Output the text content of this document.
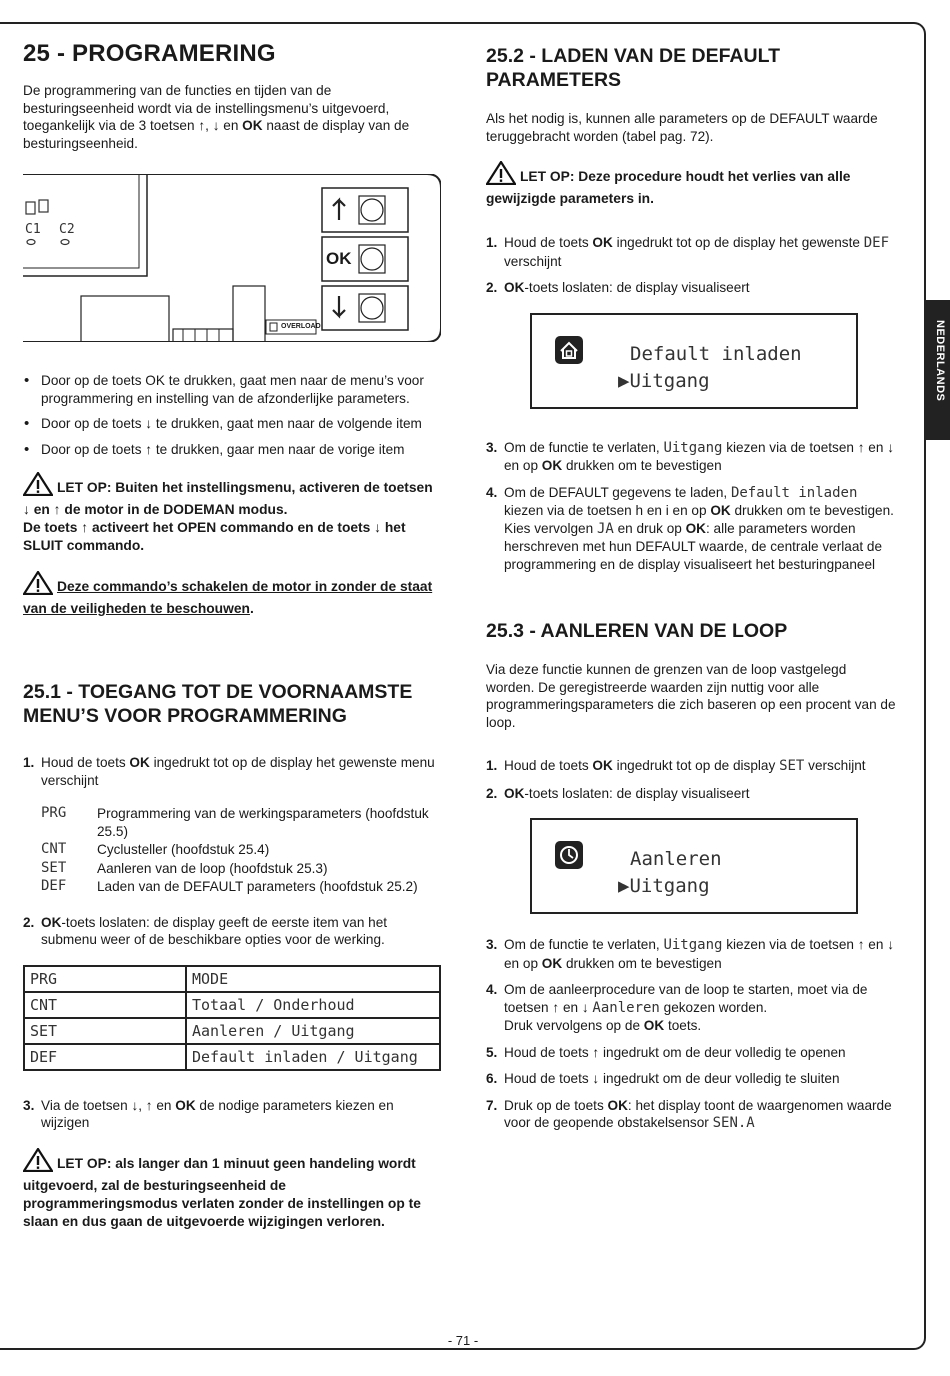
NEDERLANDS
25 - PROGRAMERING

De programmering van de functies en tijden van de besturingseenheid wordt via de instellingsmenu’s uitgevoerd, toegankelijk via de 3 toetsen ↑, ↓ en OK naast de display van de besturingseenheid.

C1 C2
OK
OVERLOAD
• Door op de toets OK te drukken, gaat men naar de menu’s voor programmering en instelling van de afzonderlijke parameters.
• Door op de toets ↓ te drukken, gaat men naar de volgende item
• Door op de toets ↑ te drukken, gaar men naar de vorige item
LET OP: Buiten het instellingsmenu, activeren de toetsen ↓ en ↑ de motor in de DODEMAN modus.
De toets ↑ activeert het OPEN commando en de toets ↓ het SLUIT commando.
Deze commando’s schakelen de motor in zonder de staat van de veiligheden te beschouwen.
25.1 - TOEGANG TOT DE VOORNAAMSTE MENU’S VOOR PROGRAMMERING
1. Houd de toets OK ingedrukt tot op de display het gewenste menu verschijnt
PRG	Programmering van de werkingsparameters (hoofdstuk 25.5)
CNT	Cyclusteller (hoofdstuk 25.4)
SET	Aanleren van de loop (hoofdstuk 25.3)
DEF	Laden van de DEFAULT parameters (hoofdstuk 25.2)
2. OK-toets loslaten: de display geeft de eerste item van het submenu weer of de beschikbare opties voor de werking.
PRG	MODE
CNT	Totaal / Onderhoud
SET	Aanleren / Uitgang
DEF	Default inladen / Uitgang
3. Via de toetsen ↓, ↑ en OK de nodige parameters kiezen en wijzigen
LET OP: als langer dan 1 minuut geen handeling wordt uitgevoerd, zal de besturingseenheid de programmeringsmodus verlaten zonder de instellingen op te slaan en dus gaan de uitgevoerde wijzigingen verloren.
25.2 - LADEN VAN DE DEFAULT PARAMETERS

Als het nodig is, kunnen alle parameters op de DEFAULT waarde teruggebracht worden (tabel pag. 72).

LET OP: Deze procedure houdt het verlies van alle gewijzigde parameters in.
1. Houd de toets OK ingedrukt tot op de display het gewenste DEF verschijnt
2. OK-toets loslaten: de display visualiseert
Default inladen
▶Uitgang
3. Om de functie te verlaten, Uitgang kiezen via de toetsen ↑ en ↓ en op OK drukken om te bevestigen
4. Om de DEFAULT gegevens te laden, Default inladen kiezen via de toetsen h en i en op OK drukken om te bevestigen.
Kies vervolgen JA en druk op OK: alle parameters worden herschreven met hun DEFAULT waarde, de centrale verlaat de programmering en de display visualiseert het besturingpaneel
25.3 - AANLEREN VAN DE LOOP

Via deze functie kunnen de grenzen van de loop vastgelegd worden. De geregistreerde waarden zijn nuttig voor alle programmeringsparameters die zich baseren op een procent van de loop.

1. Houd de toets OK ingedrukt tot op de display SET verschijnt
2. OK-toets loslaten: de display visualiseert
Aanleren
▶Uitgang
3. Om de functie te verlaten, Uitgang kiezen via de toetsen ↑ en ↓ en op OK drukken om te bevestigen
4. Om de aanleerprocedure van de loop te starten, moet via de toetsen ↑ en ↓ Aanleren gekozen worden.
Druk vervolgens op de OK toets.
5. Houd de toets ↑ ingedrukt om de deur volledig te openen
6. Houd de toets ↓ ingedrukt om de deur volledig te sluiten
7. Druk op de toets OK: het display toont de waargenomen waarde voor de geopende obstakelsensor SEN.A
- 71 -
